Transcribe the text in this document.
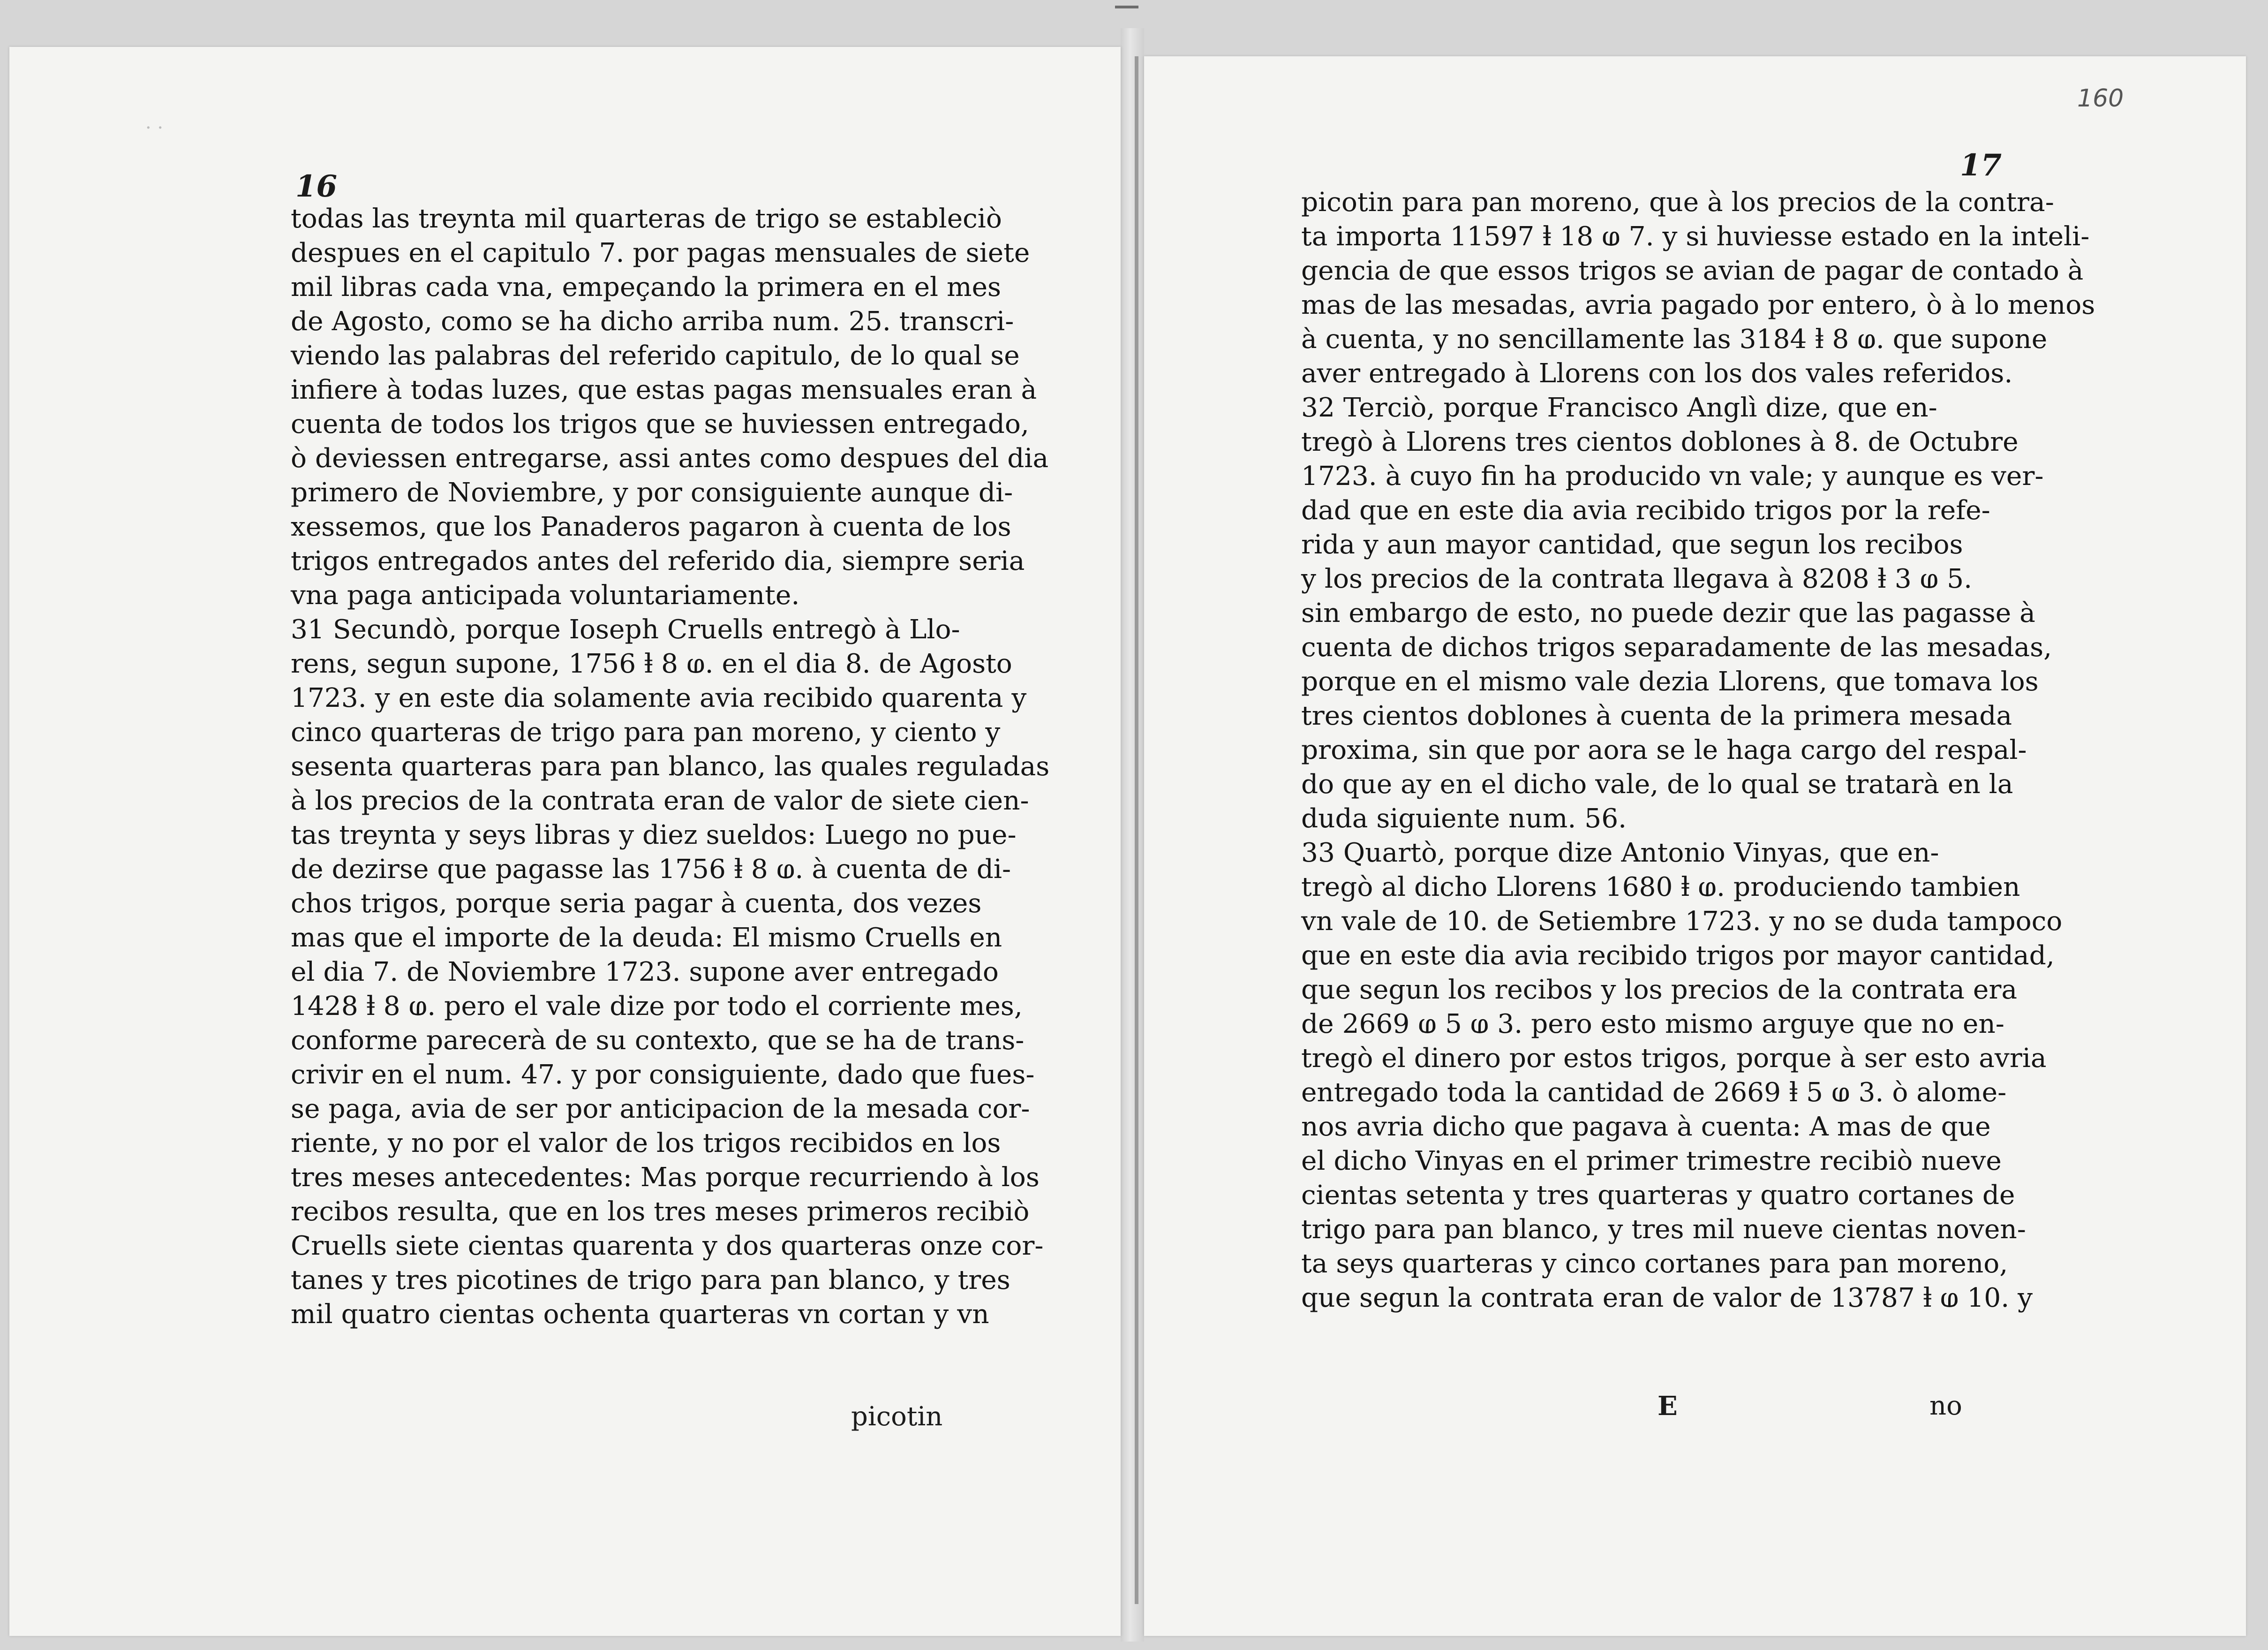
· ·
16
todas las treynta mil quarteras de trigo se estableciò
despues en el capitulo 7. por pagas mensuales de siete
mil libras cada vna, empeçando la primera en el mes
de Agosto, como se ha dicho arriba num. 25. transcri-
viendo las palabras del referido capitulo, de lo qual se
infiere à todas luzes, que estas pagas mensuales eran à
cuenta de todos los trigos que se huviessen entregado,
ò deviessen entregarse, assi antes como despues del dia
primero de Noviembre, y por consiguiente aunque di-
xessemos, que los Panaderos pagaron à cuenta de los
trigos entregados antes del referido dia, siempre seria
vna paga anticipada voluntariamente.
31 Secundò, porque Ioseph Cruells entregò à Llo-
rens, segun supone, 1756 ⱡ 8 ⱷ. en el dia 8. de Agosto
1723. y en este dia solamente avia recibido quarenta y
cinco quarteras de trigo para pan moreno, y ciento y
sesenta quarteras para pan blanco, las quales reguladas
à los precios de la contrata eran de valor de siete cien-
tas treynta y seys libras y diez sueldos: Luego no pue-
de dezirse que pagasse las 1756 ⱡ 8 ⱷ. à cuenta de di-
chos trigos, porque seria pagar à cuenta, dos vezes
mas que el importe de la deuda: El mismo Cruells en
el dia 7. de Noviembre 1723. supone aver entregado
1428 ⱡ 8 ⱷ. pero el vale dize por todo el corriente mes,
conforme parecerà de su contexto, que se ha de trans-
crivir en el num. 47. y por consiguiente, dado que fues-
se paga, avia de ser por anticipacion de la mesada cor-
riente, y no por el valor de los trigos recibidos en los
tres meses antecedentes: Mas porque recurriendo à los
recibos resulta, que en los tres meses primeros recibiò
Cruells siete cientas quarenta y dos quarteras onze cor-
tanes y tres picotines de trigo para pan blanco, y tres
mil quatro cientas ochenta quarteras vn cortan y vn
picotin
160
17
picotin para pan moreno, que à los precios de la contra-
ta importa 11597 ⱡ 18 ⱷ 7. y si huviesse estado en la inteli-
gencia de que essos trigos se avian de pagar de contado à
mas de las mesadas, avria pagado por entero, ò à lo menos
à cuenta, y no sencillamente las 3184 ⱡ 8 ⱷ. que supone
aver entregado à Llorens con los dos vales referidos.
32 Terciò, porque Francisco Anglì dize, que en-
tregò à Llorens tres cientos doblones à 8. de Octubre
1723. à cuyo fin ha producido vn vale; y aunque es ver-
dad que en este dia avia recibido trigos por la refe-
rida y aun mayor cantidad, que segun los recibos
y los precios de la contrata llegava à 8208 ⱡ 3 ⱷ 5.
sin embargo de esto, no puede dezir que las pagasse à
cuenta de dichos trigos separadamente de las mesadas,
porque en el mismo vale dezia Llorens, que tomava los
tres cientos doblones à cuenta de la primera mesada
proxima, sin que por aora se le haga cargo del respal-
do que ay en el dicho vale, de lo qual se tratarà en la
duda siguiente num. 56.
33 Quartò, porque dize Antonio Vinyas, que en-
tregò al dicho Llorens 1680 ⱡ ⱷ. produciendo tambien
vn vale de 10. de Setiembre 1723. y no se duda tampoco
que en este dia avia recibido trigos por mayor cantidad,
que segun los recibos y los precios de la contrata era
de 2669 ⱷ 5 ⱷ 3. pero esto mismo arguye que no en-
tregò el dinero por estos trigos, porque à ser esto avria
entregado toda la cantidad de 2669 ⱡ 5 ⱷ 3. ò alome-
nos avria dicho que pagava à cuenta: A mas de que
el dicho Vinyas en el primer trimestre recibiò nueve
cientas setenta y tres quarteras y quatro cortanes de
trigo para pan blanco, y tres mil nueve cientas noven-
ta seys quarteras y cinco cortanes para pan moreno,
que segun la contrata eran de valor de 13787 ⱡ ⱷ 10. y
E	no
